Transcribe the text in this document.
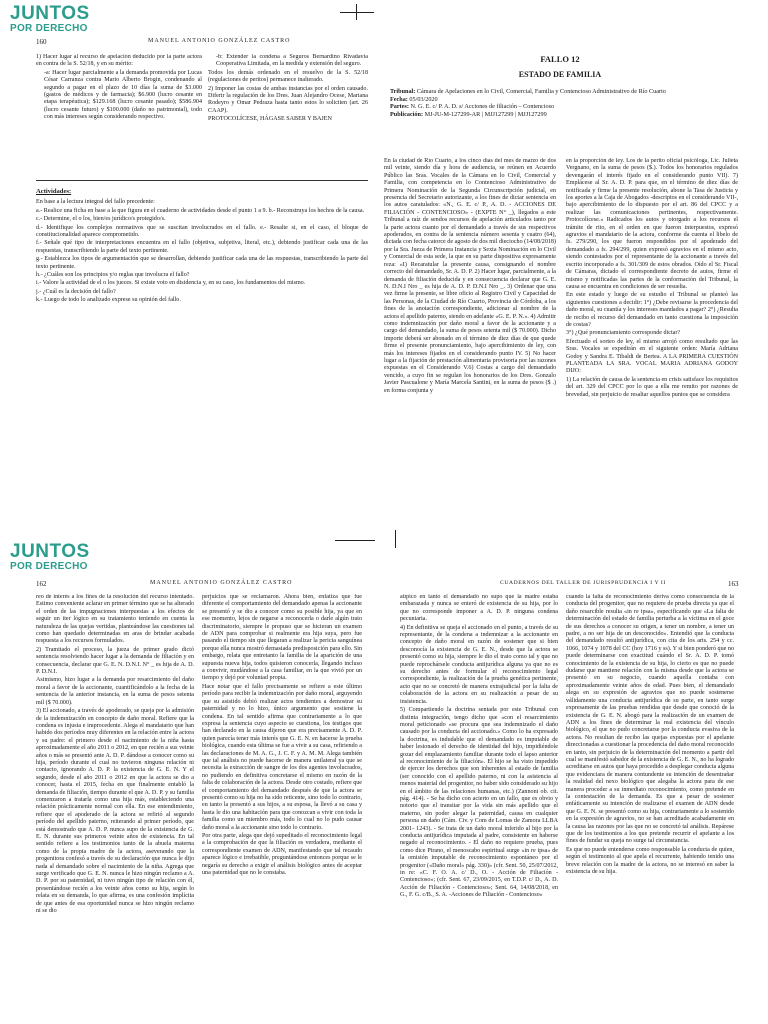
JUNTOS
POR DERECHO
160	MANUEL ANTONIO GONZÁLEZ CASTRO

1) Hacer lugar al recurso de apelación deducido por la parte actora en contra de la S. 52/18, y en su mérito:

-a: Hacer lugar parcialmente a la demanda promovida por Lucas César Carranza contra Mario Alberto Brogin, condenando al segundo a pagar en el plazo de 10 días la suma de $3.000 (gastos de médicos y de farmacia); $6.900 (lucro cesante en etapa terapéutica); $129.168 (lucro cesante pasado); $586.904 (lucro cesante futuro) y $100.000 (daño no patrimonial), todo con más intereses según considerando respectivo.

-b: Extender la condena a Seguros Bernardino Rivadavia Cooperativa Limitada, en la medida y extensión del seguro.

Todos los demás ordenado en el resuelvo de la S. 52/18 (regulaciones de peritos) permanece inalterado.

2) Imponer las costas de ambas instancias por el orden causado. Diferir la regulación de los Dres. Juan Alejandro Ocese, Mariana Rodeyro y Omar Pedraza hasta tanto estos lo soliciten (art. 26 CAAP).

PROTOCOLÍCESE, HÁGASE SABER Y BAJEN

Actividades:

En base a la lectura integral del fallo precedente:

a.- Realice una ficha en base a la que figura en el cuaderno de actividades desde el punto 1 a 9. b.- Reconstruya los hechos de la causa.
c.- Determine, el o los, bien/es jurídico/s protegido/s.
d.- Identifique los complejos normativos que se suscitan involucrados en el fallo. e.- Resalte si, en el caso, el bloque de constitucionalidad aparece comprometido.
f.- Señale qué tipo de interpretaciones encuentra en el fallo (objetiva, subjetiva, literal, etc.), debiendo justificar cada una de las respuestas, transcribiendo la parte del texto pertinente.
g.- Establezca los tipos de argumentación que se desarrollan, debiendo justificar cada una de las respuestas, transcribiendo la parte del texto pertinente.
h.- ¿Cuáles son los principios y/o reglas que involucra el fallo?
i.- Valore la actividad de el o los jueces. Si existe voto en disidencia y, en su caso, los fundamentos del mismo.
j.- ¿Cuál es la decisión del fallo?
k.- Luego de todo lo analizado exprese su opinión del fallo.
FALLO 12
ESTADO DE FAMILIA
Tribunal: Cámara de Apelaciones en lo Civil, Comercial, Familia y Contencioso Administrativo de Río Cuarto
Fecha: 05/03/2020
Partes: N. G. E. c/ P. A. D. s/ Acciones de filiación – Contencioso
Publicación: MJ-JU-M-127299-AR | MJJ127299 | MJJ127299

En la ciudad de Río Cuarto, a los cinco días del mes de marzo de dos mil veinte, siendo día y hora de audiencia, se reúnen en Acuerdo Público las Sras. Vocales de la Cámara en lo Civil, Comercial y Familia, con competencia en lo Contencioso Administrativo de Primera Nominación de la Segunda Circunscripción judicial, en presencia del Secretario autorizante, a los fines de dictar sentencia en los autos caratulados: «N., G. E. c/ P., A. D. - ACCIONES DE FILIACIÓN - CONTENCIOSO» - (EXPTE N° _), llegados a este Tribunal a raíz de sendos recursos de apelación articulados tanto por la parte actora cuanto por el demandado a través de sus respectivos apoderados, en contra de la sentencia número sesenta y cuatro (64), dictada con fecha catorce de agosto de dos mil dieciocho (14/08/2018) por la Sra. Jueza de Primera Instancia y Sexta Nominación en lo Civil y Comercial de esta sede, la que en su parte dispositiva expresamente reza: «I) Recaratular la presente causa, consignando el nombre correcto del demandado, Sr. A. D. P. 2) Hacer lugar, parcialmente, a la demanda de filiación deducida y en consecuencia declarar que G. E. N. D.N.I Nro _ es hija de A. D. P. D.N.I Nro _. 3) Ordenar que una vez firme la presente, se libre oficio al Registro Civil y Capacidad de las Personas, de la Ciudad de Río Cuarto, Provincia de Córdoba, a los fines de la anotación correspondiente, adicionar al nombre de la actora el apellido paterno, siendo en adelante «G. E. P. N.». 4) Admitir como indemnización por daño moral a favor de la accionante y a cargo del demandado, la suma de pesos setenta mil ($ 70.000). Dicho importe deberá ser abonado en el término de diez días de que quede firme el presente pronunciamiento, bajo apercibimiento de ley, con más los intereses fijados en el considerando punto IV. 5) No hacer lugar a la fijación de prestación alimentaria provisoria por las razones expuestas en el Considerando V.6) Costas a cargo del demandado vencido, a cuyo fin se regulan los honorarios de los Dres. Gonzalo Javier Pascualone y María Marcela Santini, en la suma de pesos ($ .) en forma conjunta y

en la proporción de ley. Los de la perito oficial psicóloga, Lic. Julieta Vergnano, en la suma de pesos ($.). Todos los honorarios regulados devengarán el interés fijado en el considerando punto VII). 7) Emplácese al Sr. A. D. P. para que, en el término de diez días de notificada y firme la presente resolución, abone la Tasa de Justicia y los aportes a la Caja de Abogados -descriptos en el considerando VII-, bajo apercibimiento de lo dispuesto por el art. 86 del CPCC y a realizar las comunicaciones pertinentes, respectivamente. Protocolícese.» Radicados los autos y otorgado a los recursos el trámite de rito, en el orden en que fueron interpuestos, expresó agravios el mandatario de la actora, conforme da cuenta el libelo de fs. 279/290, los que fueron respondidos por el apoderado del demandado a fs. 294/299, quien expresó agravios en el mismo acto, siendo contestados por el representante de la accionante a través del escrito incorporado a fs. 301/309 de estos obrados. Oído el Sr. Fiscal de Cámaras, dictado el correspondiente decreto de autos, firme el mismo y notificadas las partes de la conformación del Tribunal, la causa se encuentra en condiciones de ser resuelta.

En este estado y luego de su estudio el Tribunal se planteó las siguientes cuestiones a decidir: 1°) ¿Debe revisarse la procedencia del daño moral, su cuantía y los intereses mandados a pagar? 2°) ¿Resulta de recibo el recurso del demandado en tanto cuestiona la imposición de costas?

3°) ¿Qué pronunciamiento corresponde dictar?

Efectuado el sorteo de ley, el mismo arrojó como resultado que las Sras. Vocales se expedirán en el siguiente orden: María Adriana Godoy y Sandra E. Tibaldi de Bertea. A LA PRIMERA CUESTIÓN PLANTEADA LA SRA. VOCAL MARIA ADRIANA GODOY DIJO:

1) La relación de causa de la sentencia en crisis satisface los requisitos del art. 329 del CPCC por lo que a ella me remito por razones de brevedad, sin perjuicio de resaltar aquellos puntos que se considera

JUNTOS
POR DERECHO
162	MANUEL ANTONIO GONZÁLEZ CASTRO	CUADERNOS DEL TALLER DE JURISPRUDENCIA I Y II	163

reo de interés a los fines de la resolución del recurso intentado. Estimo conveniente aclarar en primer término que se ha alterado el orden de las impugnaciones interpuestas a los efectos de seguir un iter lógico en su tratamiento teniendo en cuenta la naturaleza de las quejas vertidas, planteándose las cuestiones tal como han quedado determinadas en aras de brindar acabada respuesta a los recursos formulados.

2) Tramitado el proceso, la jueza de primer grado dictó sentencia resolviendo hacer lugar a la demanda de filiación y en consecuencia, declarar que G. E. N. D.N.I. N° _ es hija de A. D. P. D.N.I.

Asimismo, hizo lugar a la demanda por resarcimiento del daño moral a favor de la accionante, cuantificándolo a la fecha de la sentencia de la anterior instancia, en la suma de pesos setenta mil ($ 70.000).

3) El accionado, a través de apoderado, se queja por la admisión de la indemnización en concepto de daño moral. Refiere que la condena es injusta e improcedente. Alega el mandatario que han habido dos períodos muy diferentes en la relación entre la actora y su padre: el primero desde el nacimiento de la niña hasta aproximadamente el año 2011 o 2012, en que recién a sus veinte años o más se presentó ante A. D. P. dándose a conocer como su hija, período durante el cual no tuvieron ninguna relación ni contacto, ignorando A. D. P. la existencia de G. E. N. Y el segundo, desde el año 2011 o 2012 en que la actora se dio a conocer, hasta el 2015, fecha en que finalmente entabló la demanda de filiación, tiempo durante el que A. D. P. y su familia comenzaron a tratarla como una hija más, estableciendo una relación prácticamente normal con ella. En ese entendimiento, refiere que el apoderado de la actora se refirió al segundo período del apellido paterno, reiterando al primer período, que está demostrado que A. D. P. nunca supo de la existencia de G. E. N. durante sus primeros veinte años de existencia. En tal sentido refiere a los testimonios tanto de la abuela materna como de la propia madre de la actora, aseverando que la progenitora confesó a través de su declaración que nunca le dijo nada al demandado sobre el nacimiento de la niña. Agrega que surge verificado que G. E. N. nunca le hizo ningún reclamo a A. D. P. por su paternidad, ni tuvo ningún tipo de relación con él, presentándose recién a los veinte años como su hija, según lo relata en su demanda, lo que afirma, es una confesión implícita de que antes de esa oportunidad nunca se hizo ningún reclamo ni se dio

perjuicios que se reclamaron. Ahora bien, enfatiza que fue diferente el comportamiento del demandado apenas la accionante se presentó y se dio a conocer como su posible hija, ya que en ese momento, lejos de negarse a reconocerla o darle algún trato discriminatorio, siempre le propuso que se hicieran un examen de ADN para comprobar si realmente era hija suya, pero fue pasando el tiempo sin que llegaran a realizar la pericia sanguínea porque ella nunca mostró demasiada predisposición para ello. Sin embargo, relata que entretanto la familia de la aparición de una supuesta nueva hija, todos quisieron conocerla, llegando incluso a convivir, mudándose a la casa familiar, en la que vivió por un tiempo y dejó por voluntad propia.

Hace notar que el fallo precisamente se refiere a este último período para recibir la indemnización por daño moral, arguyendo que su asistido debió realizar actos tendientes a demostrar su paternidad y no lo hizo, único argumento que sostiene la condena. En tal sentido afirma que contrariamente a lo que expresa la sentencia cuyo aspecto se cuestiona, los testigos que han declarado en la causa dijeron que era precisamente A. D. P. quien parecía tener más interés que G. E. N. en hacerse la prueba biológica, cuando esta última se fue a vivir a su casa, refiriendo a las declaraciones de M. A. G., J. C. F. y A. M. M. Alega también que tal análisis no puede hacerse de manera unilateral ya que se necesita la extracción de sangre de los dos agentes involucrados, no pudiendo en definitiva concretarse el mismo en razón de la falta de colaboración de la actora. Desde otro costado, refiere que el comportamiento del demandado después de que la actora se presentó como su hija no ha sido reticente, sino todo lo contrario, en tanto la presentó a sus hijos, a su esposa, la llevó a su casa y hasta le dio una habitación para que conozcan a vivir con toda la familia como un miembro más, todo lo cual no lo pudo causar daño moral a la accionante sino todo lo contrario.

Por otra parte, alega que dejó supeditado el reconocimiento legal a la comprobación de que la filiación es verdadera, mediante el correspondiente examen de ADN, manifestando que tal recaudo aparece lógico e irrebatible, preguntándose entonces porque se le negaría su derecho a exigir el análisis biológico antes de aceptar una paternidad que no le constaba.

atípico en tanto el demandado no supo que la madre estaba embarazada y nunca se enteró de existencia de su hija, por lo que no corresponde imponer a A. D. P. ninguna condena pecuniaria.

4) En definitiva se queja el accionado en el punto, a través de su representante, de la condena a indemnizar a la accionante en concepto de daño moral en razón de sostener que si bien desconocía la existencia de G. E. N., desde que la actora se presentó como su hija, siempre le dio el trato como tal y que no puede reprochársele conducta antijurídica alguna ya que no es su derecho antes de formular el reconocimiento legal correspondiente, la realización de la prueba genética pertinente, acto que no se concretó de manera extrajudicial por la falta de colaboración de la actora en su realización a pesar de su insistencia.

5) Compartiendo la doctrina sentada por este Tribunal con distinta integración, tengo dicho que «con el resarcimiento moral peticionado «se procura que sea indemnizado el daño causado por la conducta del accionado.» Como lo ha expresado la doctrina, es indudable que el demandado es imputable de haber lesionado el derecho de identidad del hijo, impidiéndole gozar del emplazamiento familiar durante todo el lapso anterior al reconocimiento de la filiación». El hijo se ha visto impedido de ejercer los derechos que son inherentes al estado de familia (ser conocido con el apellido paterno, ni con la asistencia al menos material del progenitor, no haber sido considerado su hijo en el ámbito de las relaciones humanas, etc.) (Zannoni ob. cit. pág. 414). - Se ha dicho con acierto en un fallo, que es obvio y notorio que el transitar por la vida sin más apellido que el materno, sin poder alegar la paternidad, causa en cualquier persona un daño (Cám. Civ. y Com de Lomas de Zamora LLBA 2001- 1243). - Se trata de un daño moral inferido al hijo por la conducta antijurídica imputada al padre, consistente en haberse negado al reconocimiento. - El daño no requiere prueba, pues como dice Pirano, el menoscabo espiritual surge «in re ipsa» de la omisión imputable de reconocimiento espontáneo por el progenitor («Daño moral» pág. 330)» (cfr. Sent. 50, 25/07/2012, in re: «C. F. O. A. c/ D., O. - Acción de Filiación - Contencioso»; (cfr. Sent. 67, 23/09/2015, en T.D.P. c/ D., A. D. Acción de Filiación - Contencioso»; Sent. 64, 14/08/2018, en G., F. G. c/B., S. A. -Acciones de Filiación - Contencioso»

cuando la falta de reconocimiento deriva como consecuencia de la conducta del progenitor, que no requiere de prueba directa ya que el daño resarcible resulta «in re ipsa», especificando que «La falta de determinación del estado de familia perturba a la víctima en el goce de sus derechos a conocer su origen, a tener un nombre, a tener un padre, a no ser hija de un desconocido». Entendió que la conducta del demandado resultó antijurídica, con cita de los arts. 254 y cc. 1066, 1074 y 1078 del CC (hoy 1716 y ss). Y si bien ponderó que no puede determinarse con exactitud cuándo el Sr. A. D. P. tomó conocimiento de la existencia de su hija, lo cierto es que no puede dudarse que mantiene relación con la misma desde que la actora se presentó en su negocio, cuando aquella contaba con aproximadamente veinte años de edad. Pues bien, el demandado alega en su expresión de agravios que no puede sostenerse válidamente una conducta antijurídica de su parte, en tanto surge expresamente de las pruebas rendidas que desde que conoció de la existencia de G. E. N. abogó para la realización de un examen de ADN a los fines de determinar la real existencia del vínculo biológico, el que no pudo concretarse por la conducta evasiva de la actora. No resultan de recibo las quejas expuestas por el apelante direccionadas a cuestionar la procedencia del daño moral reconocido en tanto, sin perjuicio de la determinación del momento a partir del cual se manifestó sabedor de la existencia de G. E. N., no ha logrado acreditarse en autos que haya procedido a desplegar conducta alguna que evidenciara de manera contundente su intención de desentrañar la realidad del nexo biológico que alegaba la actora para de ese manera proceder a su inmediato reconocimiento, como pretende en la contestación de la demanda. Es que a pesar de sostener enfáticamente su intención de realizarse el examen de ADN desde que G. E. N. se presentó como su hija, contrariamente a lo sostenido en la expresión de agravios, no se han acreditado acabadamente en la causa las razones por las que no se concretó tal análisis. Repárese que de los testimonios a los que pretende recurrir el apelante a los fines de fundar su queja no surge tal circunstancia.

Es que no puede entenderse como responsable la conducta de quien, según el testimonio al que apela el recurrente, habiendo tenido una breve relación con la madre de la actora, no se interesó en saber la existencia de su hija.
